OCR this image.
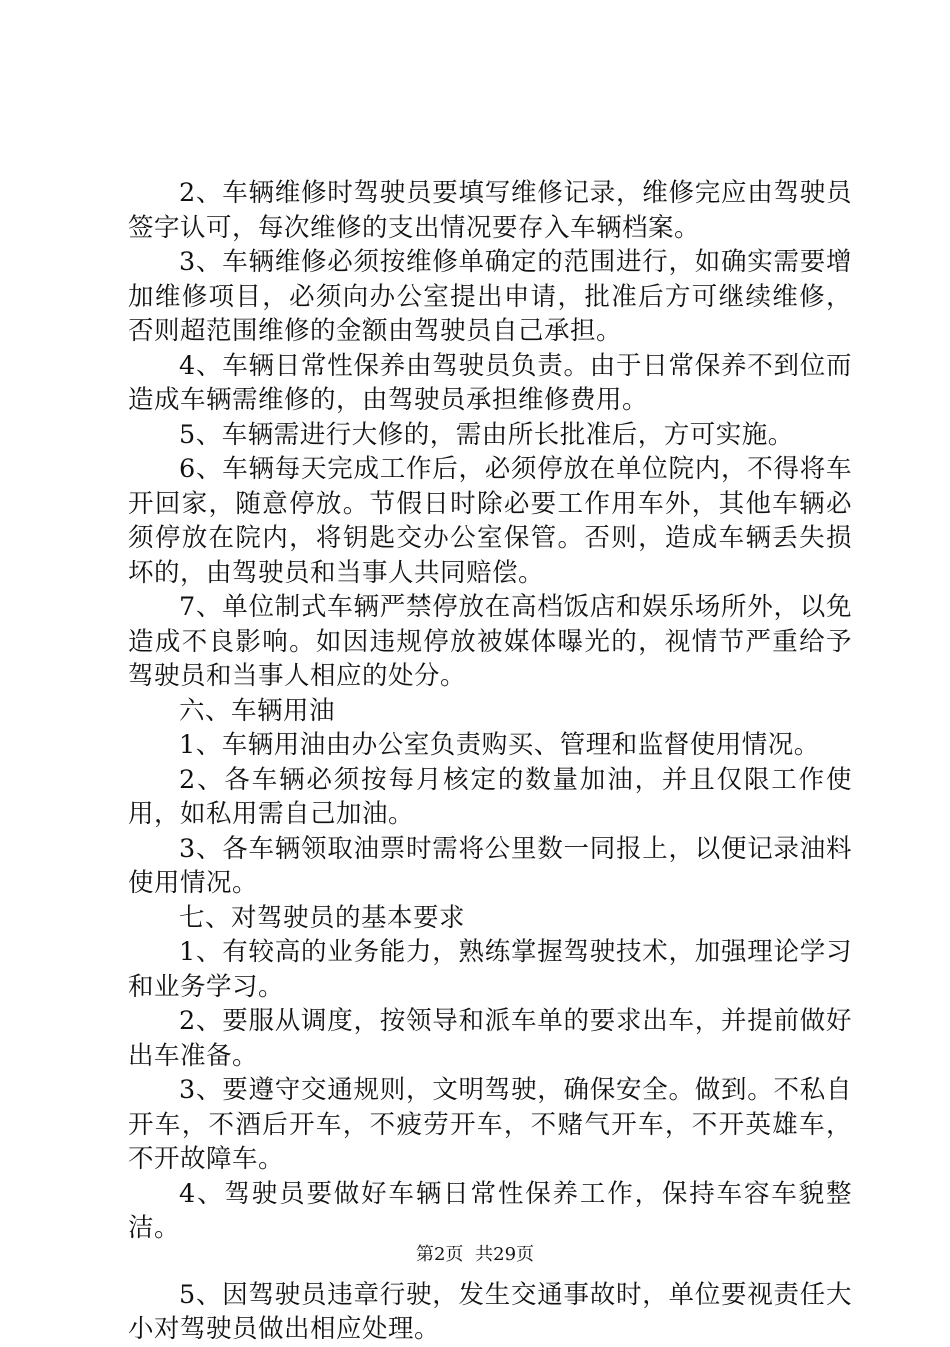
2、车辆维修时驾驶员要填写维修记录，维修完应由驾驶员签字认可，每次维修的支出情况要存入车辆档案。

3、车辆维修必须按维修单确定的范围进行，如确实需要增加维修项目，必须向办公室提出申请，批准后方可继续维修，否则超范围维修的金额由驾驶员自己承担。

4、车辆日常性保养由驾驶员负责。由于日常保养不到位而造成车辆需维修的，由驾驶员承担维修费用。

5、车辆需进行大修的，需由所长批准后，方可实施。

6、车辆每天完成工作后，必须停放在单位院内，不得将车开回家，随意停放。节假日时除必要工作用车外，其他车辆必须停放在院内，将钥匙交办公室保管。否则，造成车辆丢失损坏的，由驾驶员和当事人共同赔偿。

7、单位制式车辆严禁停放在高档饭店和娱乐场所外，以免造成不良影响。如因违规停放被媒体曝光的，视情节严重给予驾驶员和当事人相应的处分。

六、车辆用油

1、车辆用油由办公室负责购买、管理和监督使用情况。

2、各车辆必须按每月核定的数量加油，并且仅限工作使用，如私用需自己加油。

3、各车辆领取油票时需将公里数一同报上，以便记录油料使用情况。

七、对驾驶员的基本要求

1、有较高的业务能力，熟练掌握驾驶技术，加强理论学习和业务学习。

2、要服从调度，按领导和派车单的要求出车，并提前做好出车准备。

3、要遵守交通规则，文明驾驶，确保安全。做到。不私自开车，不酒后开车，不疲劳开车，不赌气开车，不开英雄车，不开故障车。

4、驾驶员要做好车辆日常性保养工作，保持车容车貌整洁。

5、因驾驶员违章行驶，发生交通事故时，单位要视责任大小对驾驶员做出相应处理。

第2页 共29页
